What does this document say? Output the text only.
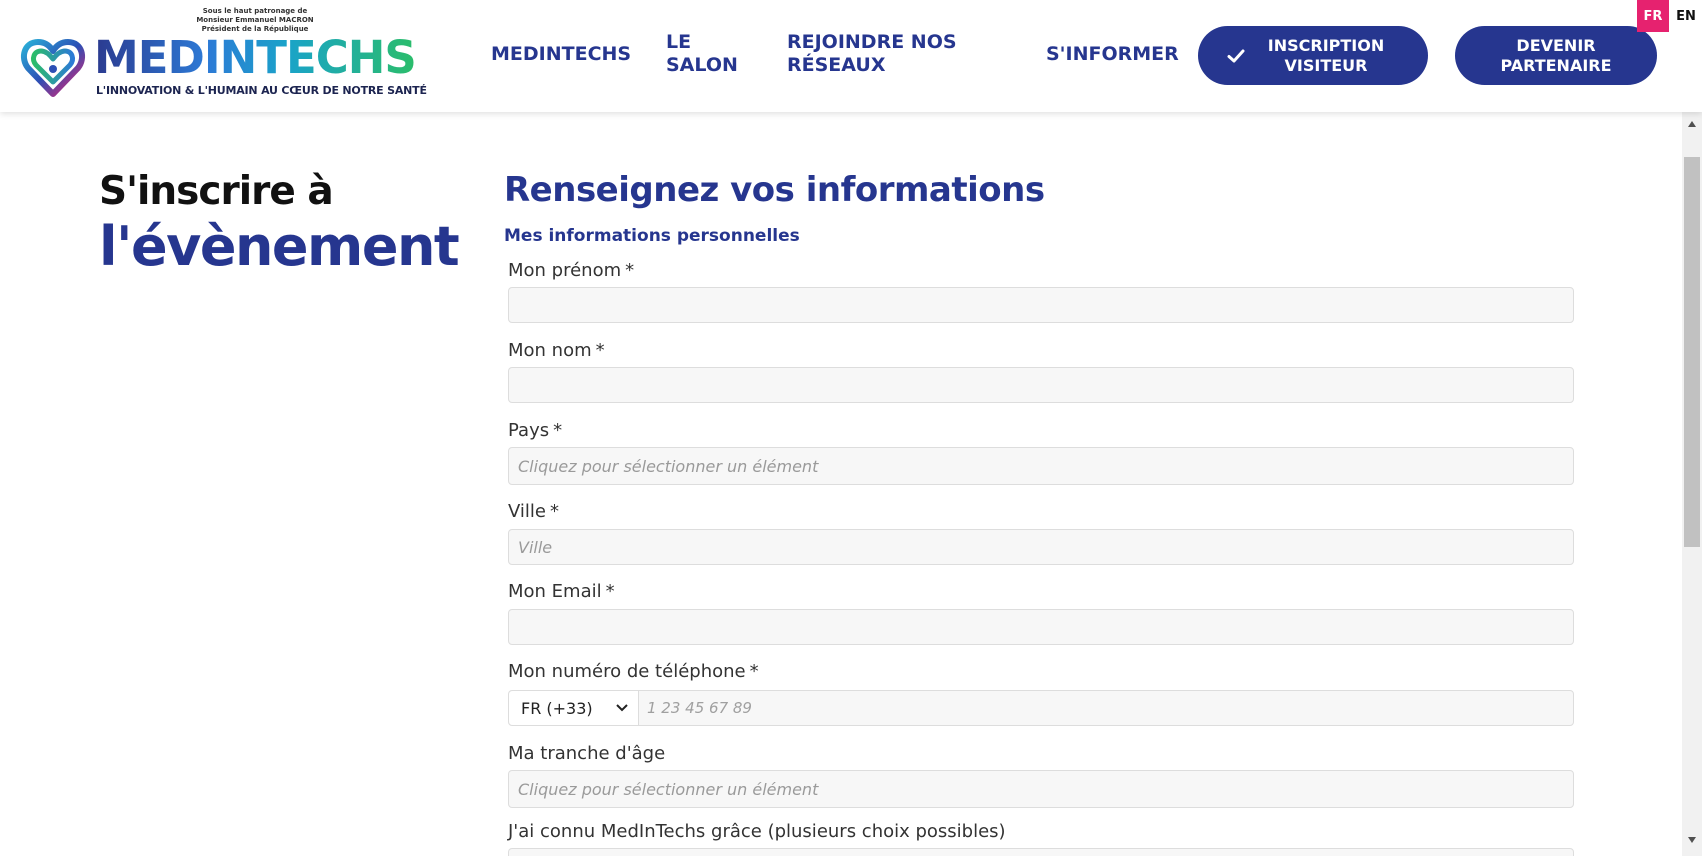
Sous le haut patronage de
Monsieur Emmanuel MACRON
Président de la République
MEDINTECHS
L'INNOVATION & L'HUMAIN AU CŒUR DE NOTRE SANTÉ
MEDINTECHS
LE SALON
REJOINDRE NOS RÉSEAUX	S'INFORMER	INSCRIPTION VISITEUR
DEVENIR PARTENAIRE
FR	EN
S'inscrire à
l'évènement
Renseignez vos informations
Mes informations personnelles
Mon prénom *
Mon nom *
Pays *
Cliquez pour sélectionner un élément
Ville *
Ville
Mon Email *
Mon numéro de téléphone *
FR (+33)
1 23 45 67 89
Ma tranche d'âge
Cliquez pour sélectionner un élément
J'ai connu MedInTechs grâce (plusieurs choix possibles)
